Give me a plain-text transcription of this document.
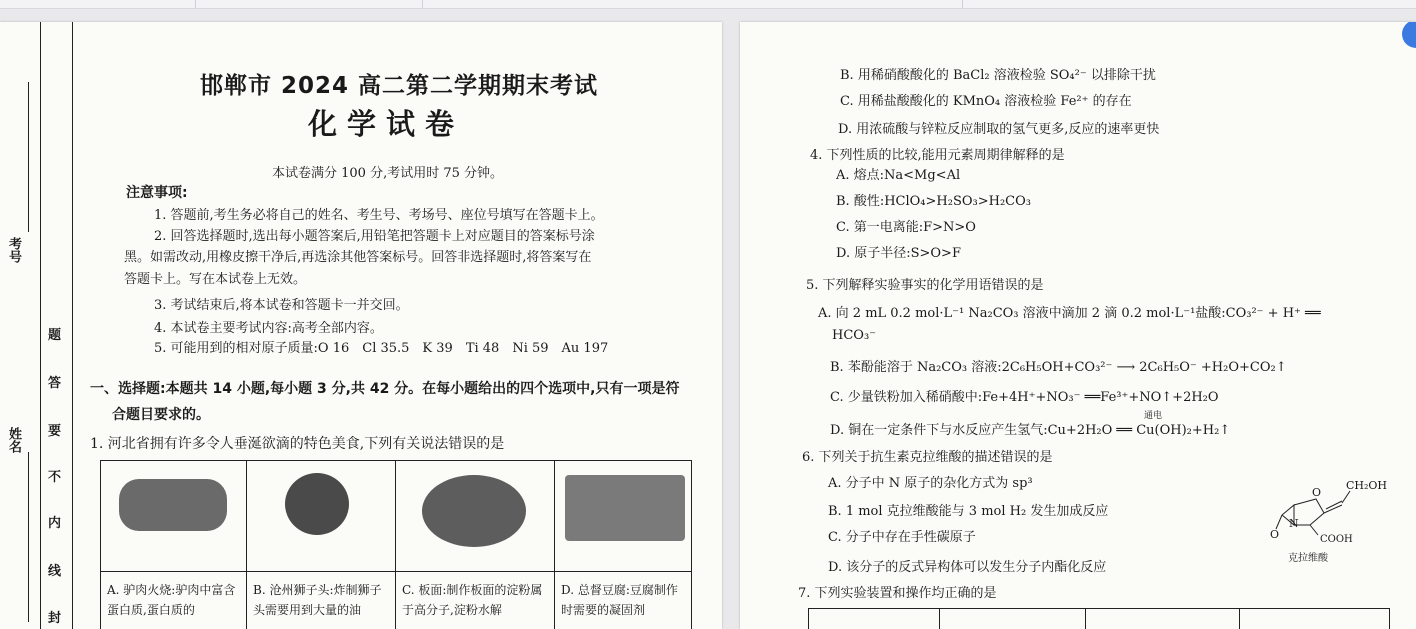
考号
姓名
题
答
要
不
内
线
封
邯郸市 2024 高二第二学期期末考试
化学试卷
本试卷满分 100 分,考试用时 75 分钟。
注意事项:
1. 答题前,考生务必将自己的姓名、考生号、考场号、座位号填写在答题卡上。
2. 回答选择题时,选出每小题答案后,用铅笔把答题卡上对应题目的答案标号涂
黑。如需改动,用橡皮擦干净后,再选涂其他答案标号。回答非选择题时,将答案写在
答题卡上。写在本试卷上无效。
3. 考试结束后,将本试卷和答题卡一并交回。
4. 本试卷主要考试内容:高考全部内容。
5. 可能用到的相对原子质量:O 16　Cl 35.5　K 39　Ti 48　Ni 59　Au 197
一、选择题:本题共 14 小题,每小题 3 分,共 42 分。在每小题给出的四个选项中,只有一项是符
合题目要求的。
1. 河北省拥有许多令人垂涎欲滴的特色美食,下列有关说法错误的是

A. 驴肉火烧:驴肉中富含蛋白质,蛋白质的	B. 沧州狮子头:炸制狮子头需要用到大量的油	C. 板面:制作板面的淀粉属于高分子,淀粉水解	D. 总督豆腐:豆腐制作时需要的凝固剂
B. 用稀硝酸酸化的 BaCl₂ 溶液检验 SO₄²⁻ 以排除干扰
C. 用稀盐酸酸化的 KMnO₄ 溶液检验 Fe²⁺ 的存在
D. 用浓硫酸与锌粒反应制取的氢气更多,反应的速率更快
4. 下列性质的比较,能用元素周期律解释的是
A. 熔点:Na<Mg<Al
B. 酸性:HClO₄>H₂SO₃>H₂CO₃
C. 第一电离能:F>N>O
D. 原子半径:S>O>F
5. 下列解释实验事实的化学用语错误的是
A. 向 2 mL 0.2 mol·L⁻¹ Na₂CO₃ 溶液中滴加 2 滴 0.2 mol·L⁻¹盐酸:CO₃²⁻ + H⁺ ══
HCO₃⁻
B. 苯酚能溶于 Na₂CO₃ 溶液:2C₆H₅OH+CO₃²⁻ ⟶ 2C₆H₅O⁻ +H₂O+CO₂↑
C. 少量铁粉加入稀硝酸中:Fe+4H⁺+NO₃⁻ ══Fe³⁺+NO↑+2H₂O
通电
D. 铜在一定条件下与水反应产生氢气:Cu+2H₂O ══ Cu(OH)₂+H₂↑
6. 下列关于抗生素克拉维酸的描述错误的是
A. 分子中 N 原子的杂化方式为 sp³
B. 1 mol 克拉维酸能与 3 mol H₂ 发生加成反应
C. 分子中存在手性碳原子
D. 该分子的反式异构体可以发生分子内酯化反应
7. 下列实验装置和操作均正确的是
CH₂OH
O
N
O	COOH
克拉维酸
